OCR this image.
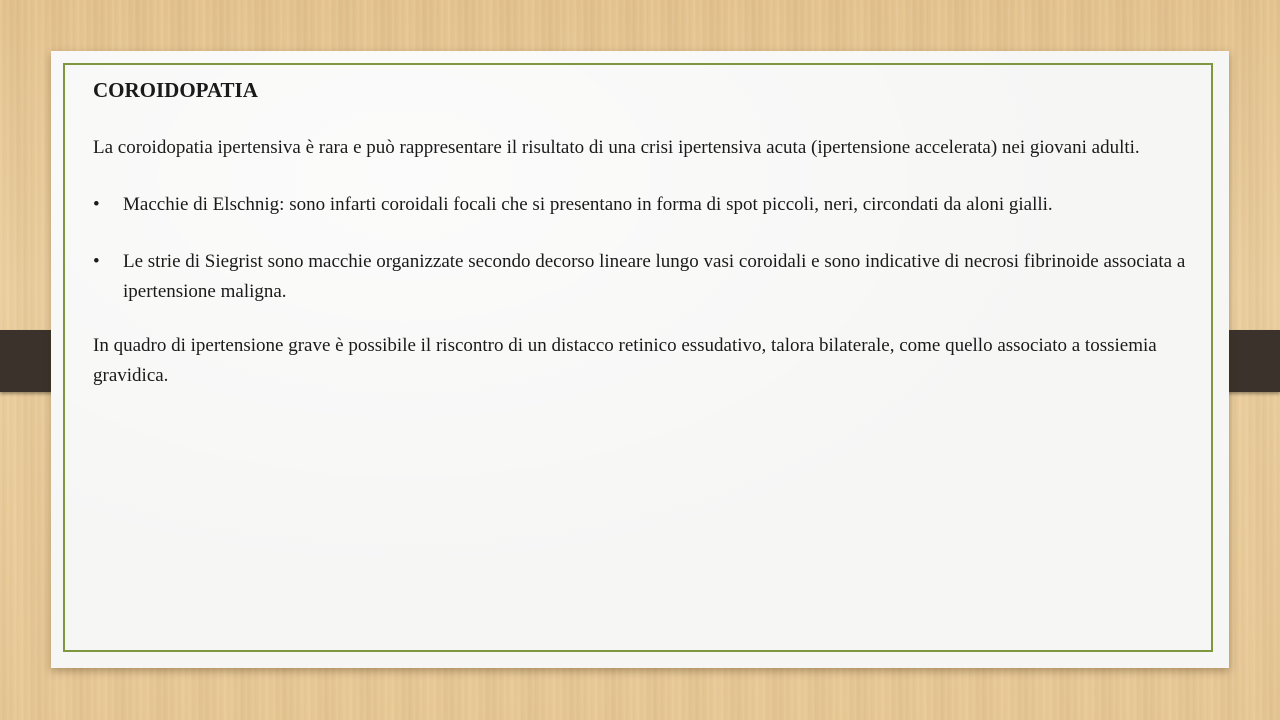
COROIDOPATIA

La coroidopatia ipertensiva è rara e può rappresentare il risultato di una crisi ipertensiva acuta (ipertensione accelerata) nei giovani adulti.

• Macchie di Elschnig: sono infarti coroidali focali che si presentano in forma di spot piccoli, neri, circondati da aloni gialli.

• Le strie di Siegrist sono macchie organizzate secondo decorso lineare lungo vasi coroidali e sono indicative di necrosi fibrinoide associata a ipertensione maligna.

In quadro di ipertensione grave è possibile il riscontro di un distacco retinico essudativo, talora bilaterale, come quello associato a tossiemia gravidica.
